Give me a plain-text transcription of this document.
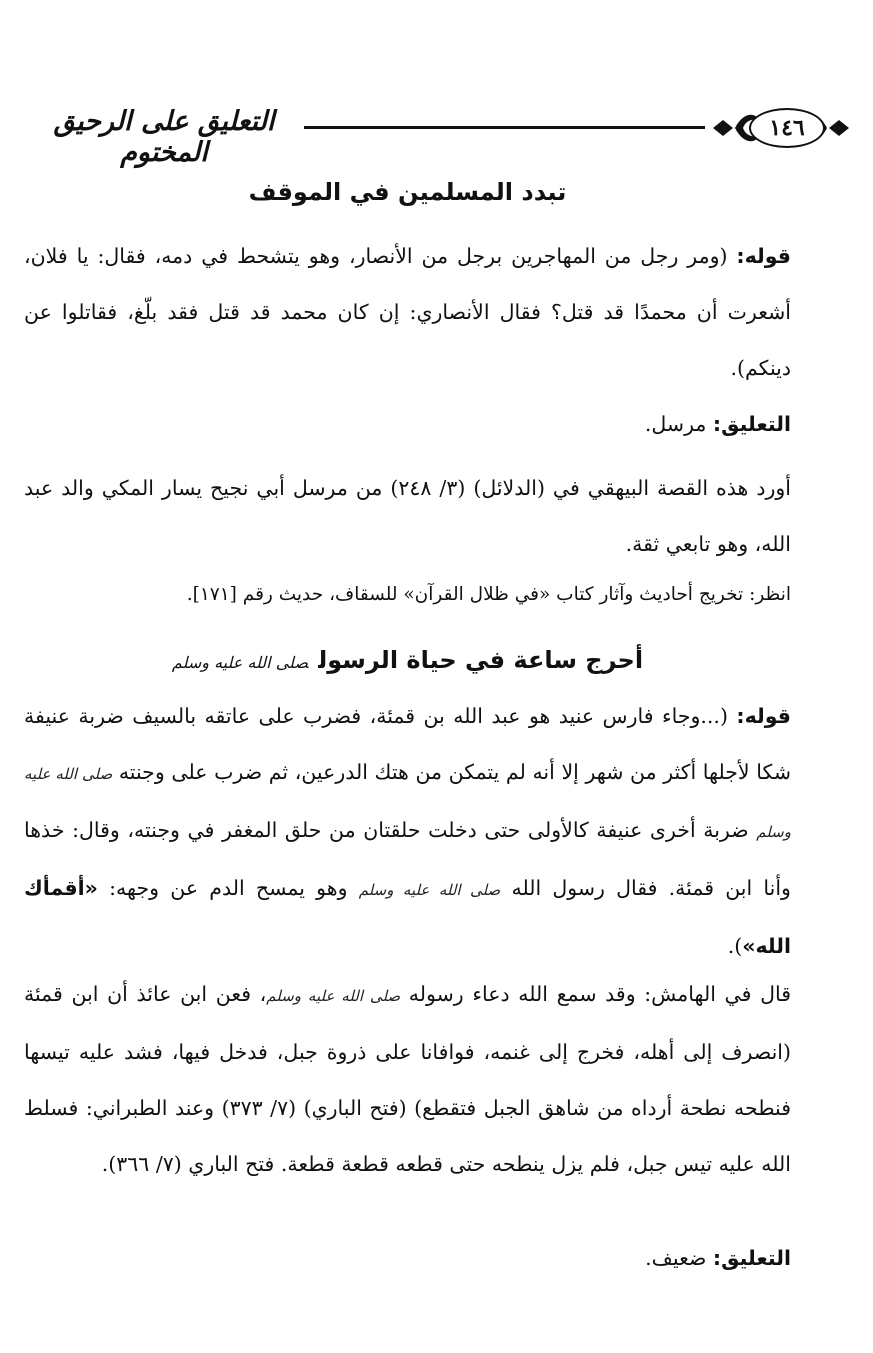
١٤٦
التعليق على الرحيق المختوم
تبدد المسلمين في الموقف
قوله: (ومر رجل من المهاجرين برجل من الأنصار، وهو يتشحط في دمه، فقال: يا فلان، أشعرت أن محمدًا قد قتل؟ فقال الأنصاري: إن كان محمد قد قتل فقد بلّغ، فقاتلوا عن دينكم).
التعليق: مرسل.
أورد هذه القصة البيهقي في (الدلائل) (٣/ ٢٤٨) من مرسل أبي نجيح يسار المكي والد عبد الله، وهو تابعي ثقة.
انظر: تخريج أحاديث وآثار كتاب «في ظلال القرآن» للسقاف، حديث رقم [١٧١].
أحرج ساعة في حياة الرسولصلى الله عليه وسلم
قوله: (...وجاء فارس عنيد هو عبد الله بن قمئة، فضرب على عاتقه بالسيف ضربة عنيفة شكا لأجلها أكثر من شهر إلا أنه لم يتمكن من هتك الدرعين، ثم ضرب على وجنته صلى الله عليه وسلم ضربة أخرى عنيفة كالأولى حتى دخلت حلقتان من حلق المغفر في وجنته، وقال: خذها وأنا ابن قمئة. فقال رسول الله صلى الله عليه وسلم وهو يمسح الدم عن وجهه: «أقمأك الله»).
قال في الهامش: وقد سمع الله دعاء رسوله صلى الله عليه وسلم، فعن ابن عائذ أن ابن قمئة (انصرف إلى أهله، فخرج إلى غنمه، فوافانا على ذروة جبل، فدخل فيها، فشد عليه تيسها فنطحه نطحة أرداه من شاهق الجبل فتقطع) (فتح الباري) (٧/ ٣٧٣) وعند الطبراني: فسلط الله عليه تيس جبل، فلم يزل ينطحه حتى قطعه قطعة قطعة. فتح الباري (٧/ ٣٦٦).
التعليق: ضعيف.
